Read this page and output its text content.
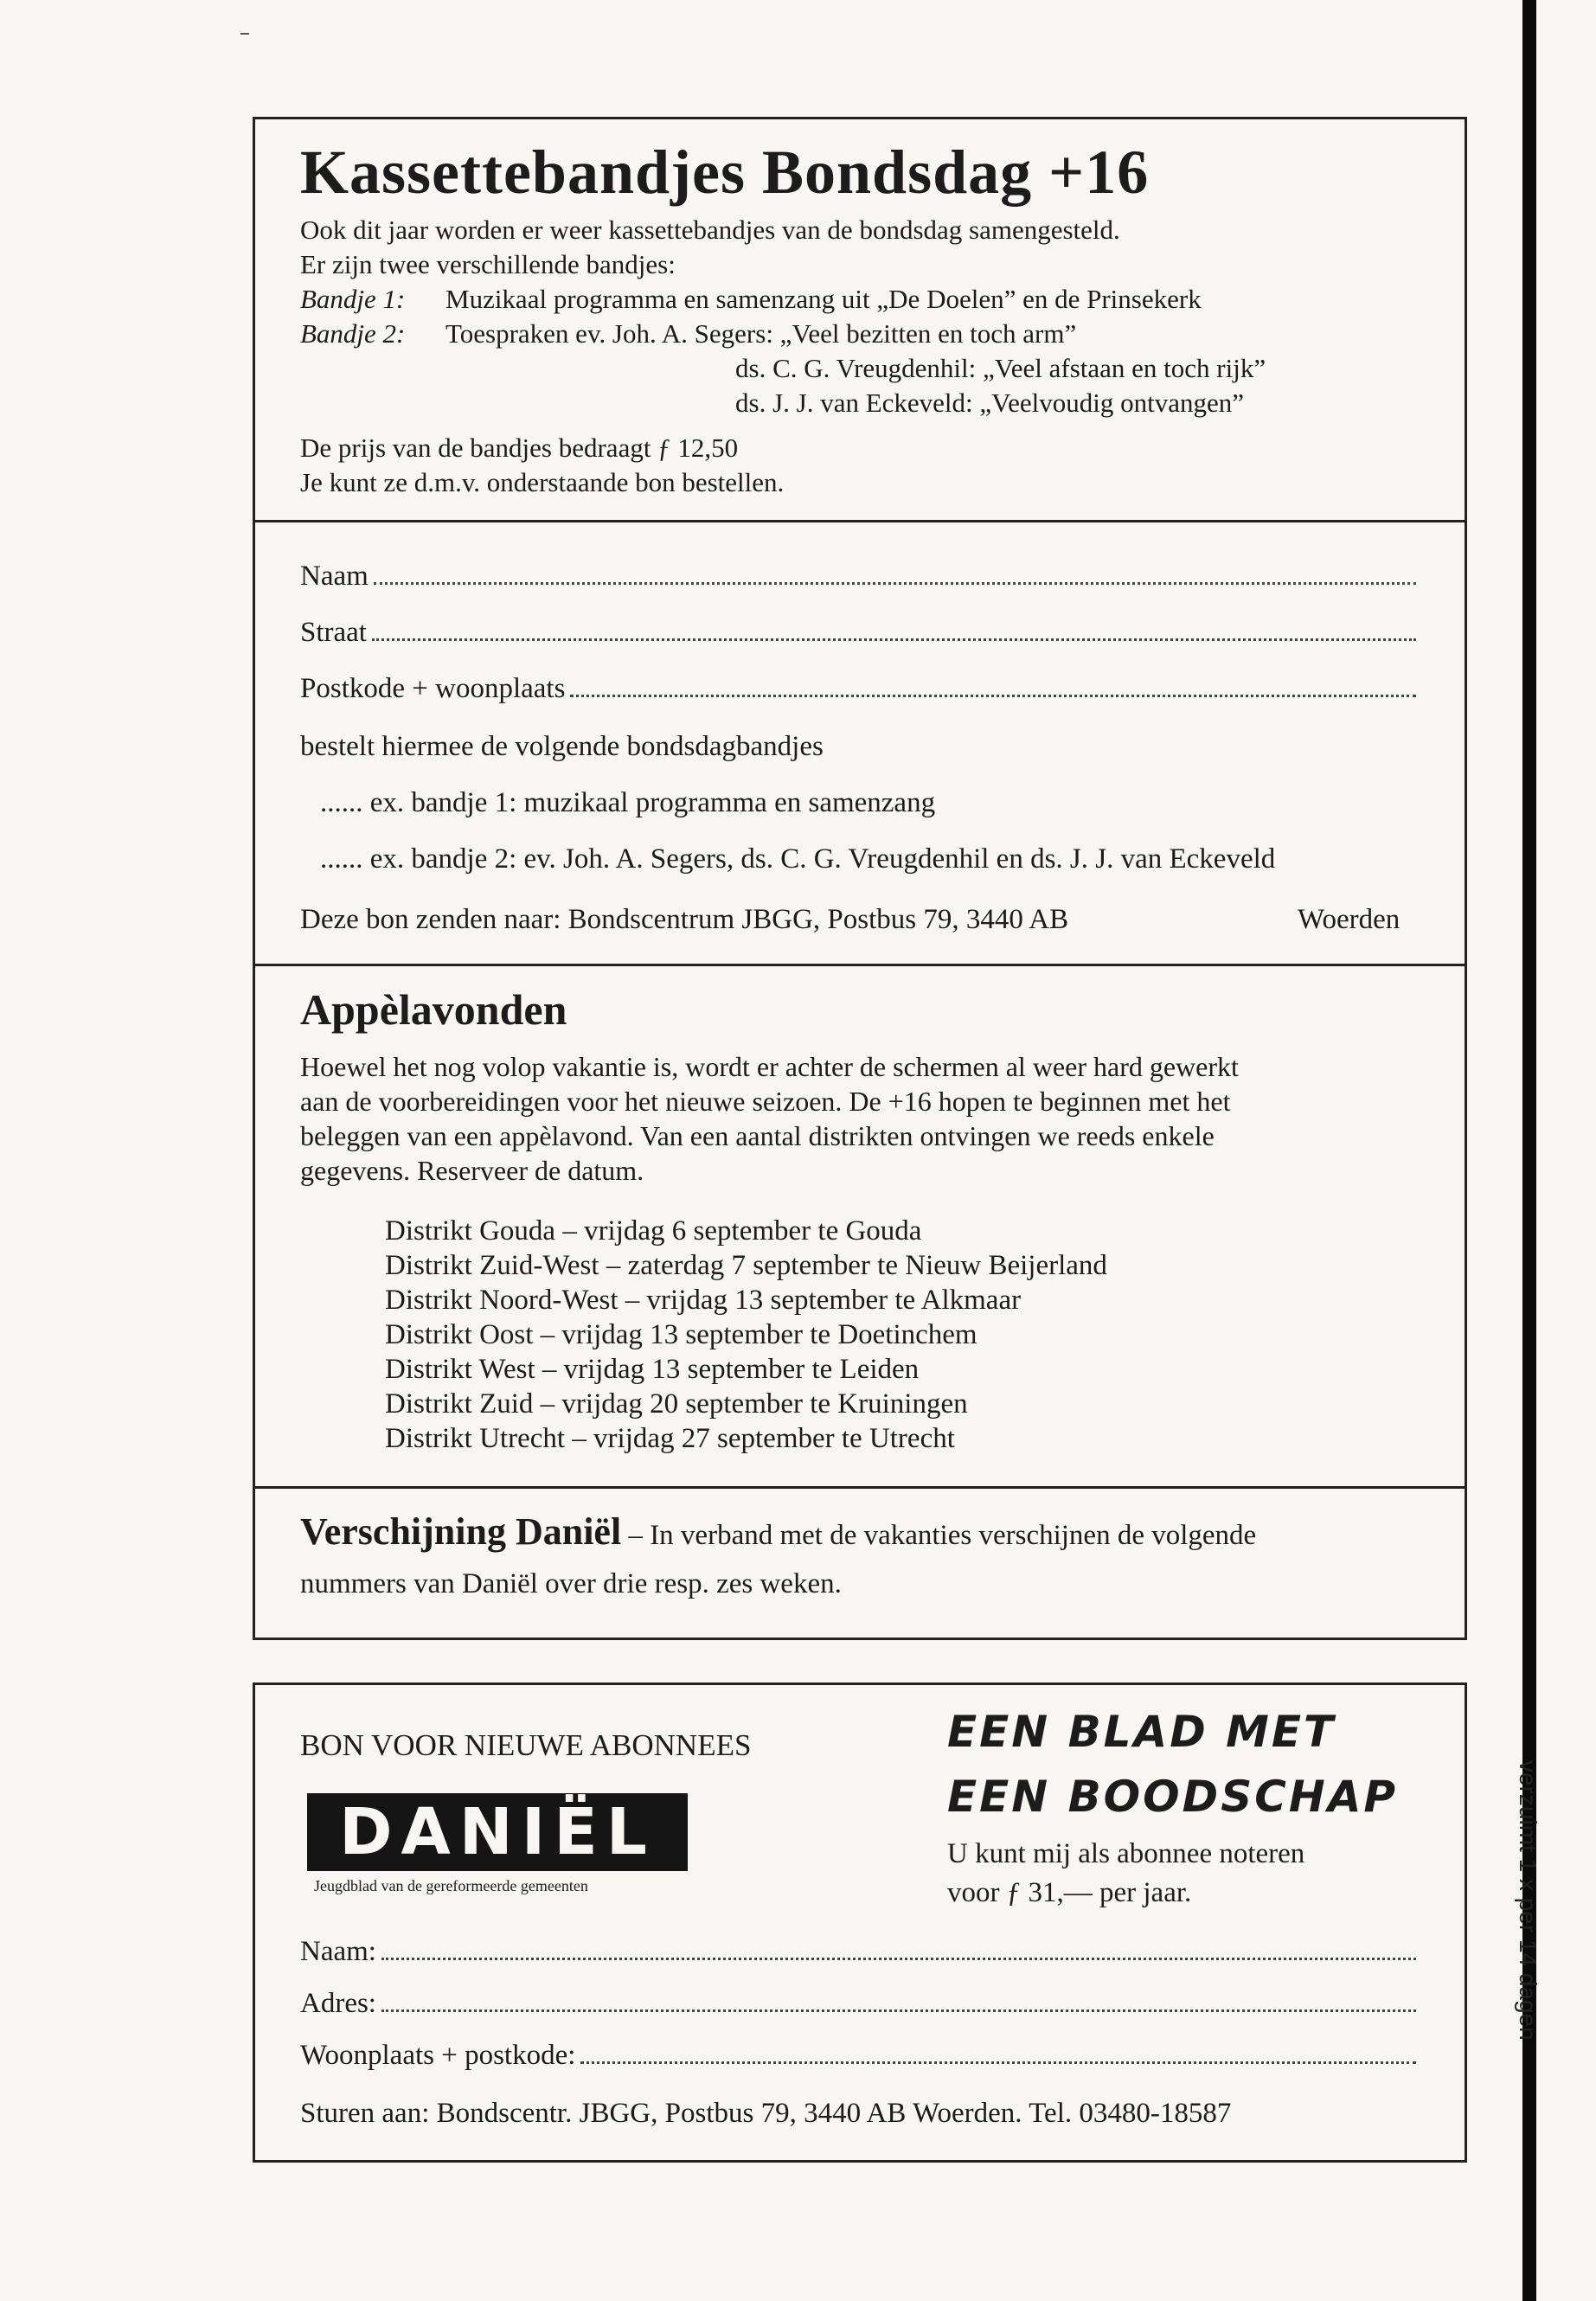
verzuimt 1 x per 14 dagen
Kassettebandjes Bondsdag +16
Ook dit jaar worden er weer kassettebandjes van de bondsdag samengesteld.
Er zijn twee verschillende bandjes:
Bandje 1: Muzikaal programma en samenzang uit „De Doelen” en de Prinsekerk
Bandje 2: Toespraken ev. Joh. A. Segers: „Veel bezitten en toch arm”
ds. C. G. Vreugdenhil: „Veel afstaan en toch rijk”
ds. J. J. van Eckeveld: „Veelvoudig ontvangen”
De prijs van de bandjes bedraagt ƒ 12,50
Je kunt ze d.m.v. onderstaande bon bestellen.
Naam
Straat
Postkode + woonplaats
bestelt hiermee de volgende bondsdagbandjes
...... ex. bandje 1: muzikaal programma en samenzang
...... ex. bandje 2: ev. Joh. A. Segers, ds. C. G. Vreugdenhil en ds. J. J. van Eckeveld
Deze bon zenden naar: Bondscentrum JBGG, Postbus 79, 3440 AB	Woerden
Appèlavonden
Hoewel het nog volop vakantie is, wordt er achter de schermen al weer hard gewerkt
aan de voorbereidingen voor het nieuwe seizoen. De +16 hopen te beginnen met het
beleggen van een appèlavond. Van een aantal distrikten ontvingen we reeds enkele
gegevens. Reserveer de datum.
Distrikt Gouda – vrijdag 6 september te Gouda
Distrikt Zuid-West – zaterdag 7 september te Nieuw Beijerland
Distrikt Noord-West – vrijdag 13 september te Alkmaar
Distrikt Oost – vrijdag 13 september te Doetinchem
Distrikt West – vrijdag 13 september te Leiden
Distrikt Zuid – vrijdag 20 september te Kruiningen
Distrikt Utrecht – vrijdag 27 september te Utrecht
Verschijning Daniël – In verband met de vakanties verschijnen de volgende
nummers van Daniël over drie resp. zes weken.
BON VOOR NIEUWE ABONNEES
DANIËL
Jeugdblad van de gereformeerde gemeenten
EEN BLAD MET
EEN BOODSCHAP
U kunt mij als abonnee noteren
voor ƒ 31,— per jaar.
Naam:
Adres:
Woonplaats + postkode:
Sturen aan: Bondscentr. JBGG, Postbus 79, 3440 AB Woerden. Tel. 03480-18587
